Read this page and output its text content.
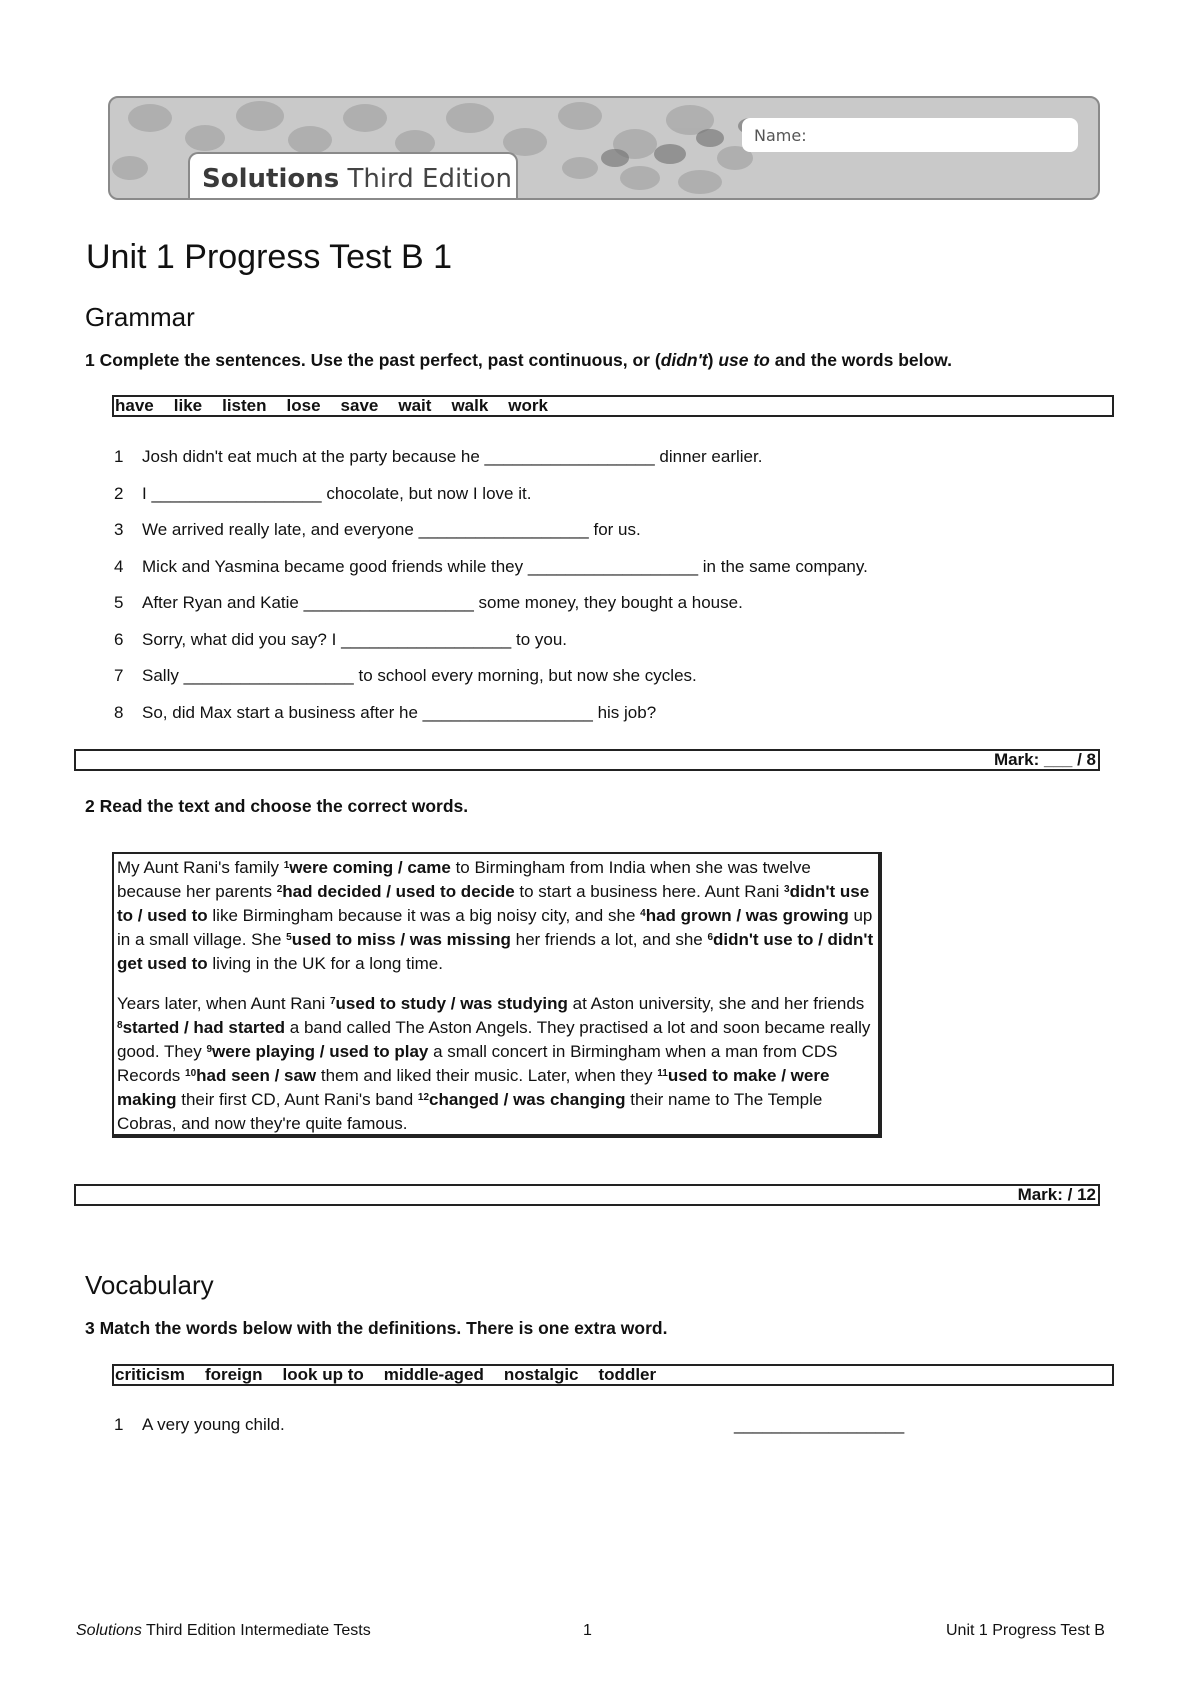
Solutions Third Edition
Name:
Unit 1 Progress Test B 1
Grammar
1 Complete the sentences. Use the past perfect, past continuous, or (didn't) use to and the words below.
have like listen lose save wait walk work
1 Josh didn't eat much at the party because he __________________ dinner earlier.
2 I __________________ chocolate, but now I love it.
3 We arrived really late, and everyone __________________ for us.
4 Mick and Yasmina became good friends while they __________________ in the same company.
5 After Ryan and Katie __________________ some money, they bought a house.
6 Sorry, what did you say? I __________________ to you.
7 Sally __________________ to school every morning, but now she cycles.
8 So, did Max start a business after he __________________ his job?
Mark: ___ / 8
2 Read the text and choose the correct words.

My Aunt Rani's family $^1$were coming / came to Birmingham from India when she was twelve because her parents $^2$had decided / used to decide to start a business here. Aunt Rani $^3$didn't use to / used to like Birmingham because it was a big noisy city, and she $^4$had grown / was growing up in a small village. She $^5$used to miss / was missing her friends a lot, and she $^6$didn't use to / didn't get used to living in the UK for a long time.

Years later, when Aunt Rani $^7$used to study / was studying at Aston university, she and her friends $^8$started / had started a band called The Aston Angels. They practised a lot and soon became really good. They $^9$were playing / used to play a small concert in Birmingham when a man from CDS Records $^{10}$had seen / saw them and liked their music. Later, when they $^{11}$used to make / were making their first CD, Aunt Rani's band $^{12}$changed / was changing their name to The Temple Cobras, and now they're quite famous.

Mark: / 12
Vocabulary
3 Match the words below with the definitions. There is one extra word.
criticism foreign look up to middle-aged nostalgic toddler
1 A very young child.	__________________
Solutions Third Edition Intermediate Tests	1	Unit 1 Progress Test B
